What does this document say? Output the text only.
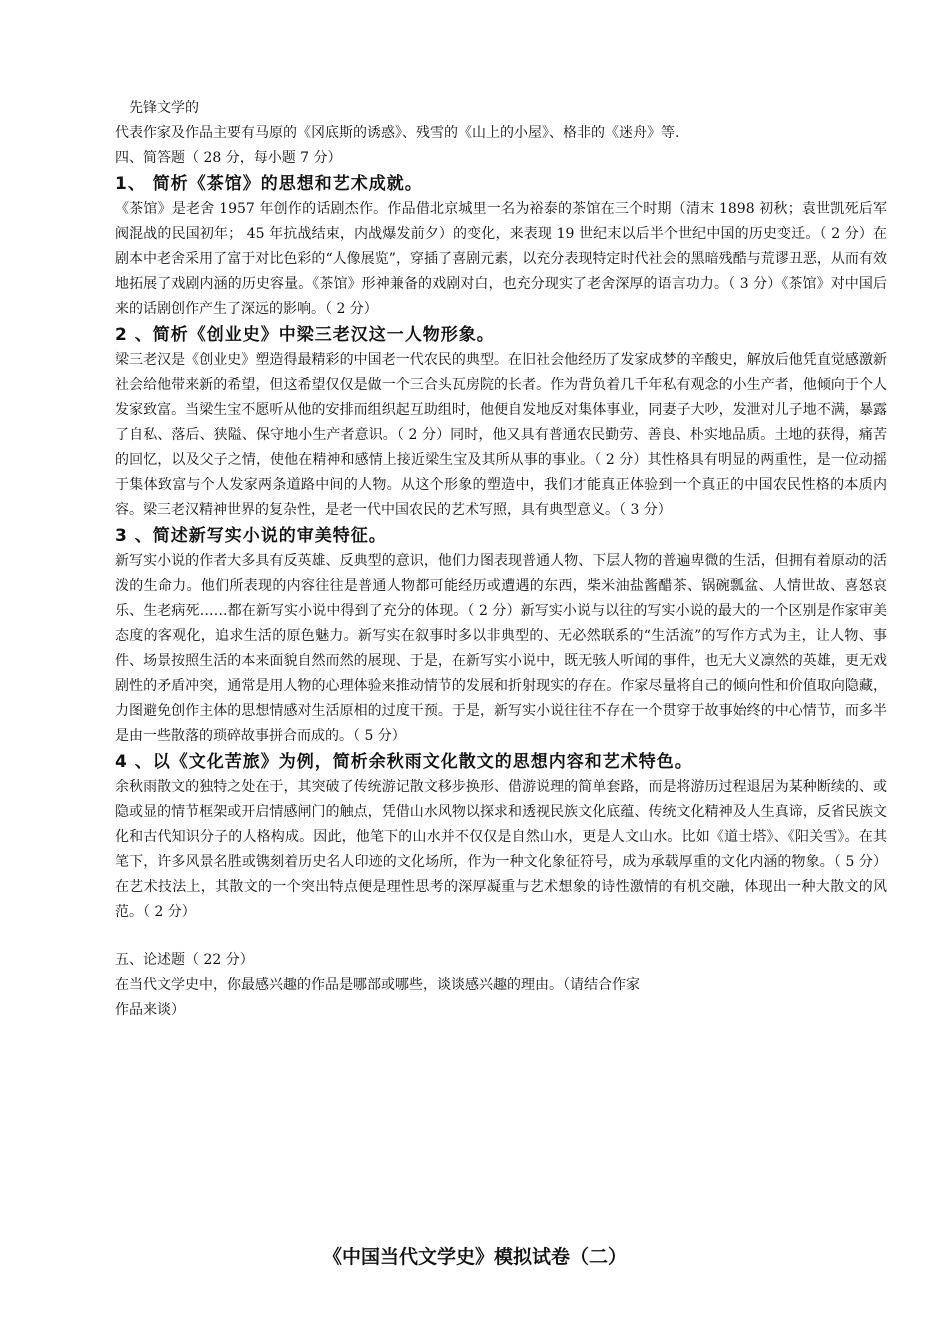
先锋文学的
代表作家及作品主要有马原的《冈底斯的诱惑》、残雪的《山上的小屋》、格非的《迷舟》等.
四、简答题（ 28 分，每小题 7 分）

1、 简析《茶馆》的思想和艺术成就。

《茶馆》是老舍 1957 年创作的话剧杰作。作品借北京城里一名为裕泰的茶馆在三个时期（清末 1898 初秋；袁世凯死后军阀混战的民国初年； 45 年抗战结束，内战爆发前夕）的变化，来表现 19 世纪末以后半个世纪中国的历史变迁。（ 2 分）在剧本中老舍采用了富于对比色彩的“人像展览”，穿插了喜剧元素，以充分表现特定时代社会的黑暗残酷与荒谬丑恶，从而有效地拓展了戏剧内涵的历史容量。《茶馆》形神兼备的戏剧对白，也充分现实了老舍深厚的语言功力。（ 3 分）《茶馆》对中国后来的话剧创作产生了深远的影响。（ 2 分）

2 、简析《创业史》中梁三老汉这一人物形象。

梁三老汉是《创业史》塑造得最精彩的中国老一代农民的典型。在旧社会他经历了发家成梦的辛酸史，解放后他凭直觉感激新社会给他带来新的希望，但这希望仅仅是做一个三合头瓦房院的长者。作为背负着几千年私有观念的小生产者，他倾向于个人发家致富。当梁生宝不愿听从他的安排而组织起互助组时，他便自发地反对集体事业，同妻子大吵，发泄对儿子地不满，暴露了自私、落后、狭隘、保守地小生产者意识。（ 2 分）同时，他又具有普通农民勤劳、善良、朴实地品质。土地的获得，痛苦的回忆，以及父子之情，使他在精神和感情上接近梁生宝及其所从事的事业。（ 2 分）其性格具有明显的两重性，是一位动摇于集体致富与个人发家两条道路中间的人物。从这个形象的塑造中，我们才能真正体验到一个真正的中国农民性格的本质内容。梁三老汉精神世界的复杂性，是老一代中国农民的艺术写照，具有典型意义。（ 3 分）

3 、简述新写实小说的审美特征。

新写实小说的作者大多具有反英雄、反典型的意识，他们力图表现普通人物、下层人物的普遍卑微的生活，但拥有着原动的活泼的生命力。他们所表现的内容往往是普通人物都可能经历或遭遇的东西，柴米油盐酱醋茶、锅碗瓢盆、人情世故、喜怒哀乐、生老病死……都在新写实小说中得到了充分的体现。（ 2 分）新写实小说与以往的写实小说的最大的一个区别是作家审美态度的客观化，追求生活的原色魅力。新写实在叙事时多以非典型的、无必然联系的“生活流”的写作方式为主，让人物、事件、场景按照生活的本来面貌自然而然的展现、于是，在新写实小说中，既无骇人听闻的事件，也无大义凛然的英雄，更无戏剧性的矛盾冲突，通常是用人物的心理体验来推动情节的发展和折射现实的存在。作家尽量将自己的倾向性和价值取向隐藏，力图避免创作主体的思想情感对生活原相的过度干预。于是，新写实小说往往不存在一个贯穿于故事始终的中心情节，而多半是由一些散落的琐碎故事拼合而成的。（ 5 分）

4 、以《文化苦旅》为例，简析余秋雨文化散文的思想内容和艺术特色。

余秋雨散文的独特之处在于，其突破了传统游记散文移步换形、借游说理的简单套路，而是将游历过程退居为某种断续的、或隐或显的情节框架或开启情感闸门的触点，凭借山水风物以探求和透视民族文化底蕴、传统文化精神及人生真谛，反省民族文化和古代知识分子的人格构成。因此，他笔下的山水并不仅仅是自然山水，更是人文山水。比如《道士塔》、《阳关雪》。在其笔下，许多风景名胜或镌刻着历史名人印迹的文化场所，作为一种文化象征符号，成为承载厚重的文化内涵的物象。（ 5 分）在艺术技法上，其散文的一个突出特点便是理性思考的深厚凝重与艺术想象的诗性激情的有机交融，体现出一种大散文的风范。（ 2 分）

五、论述题（ 22 分）
在当代文学史中，你最感兴趣的作品是哪部或哪些，谈谈感兴趣的理由。（请结合作家
作品来谈）
《中国当代文学史》模拟试卷（二）
